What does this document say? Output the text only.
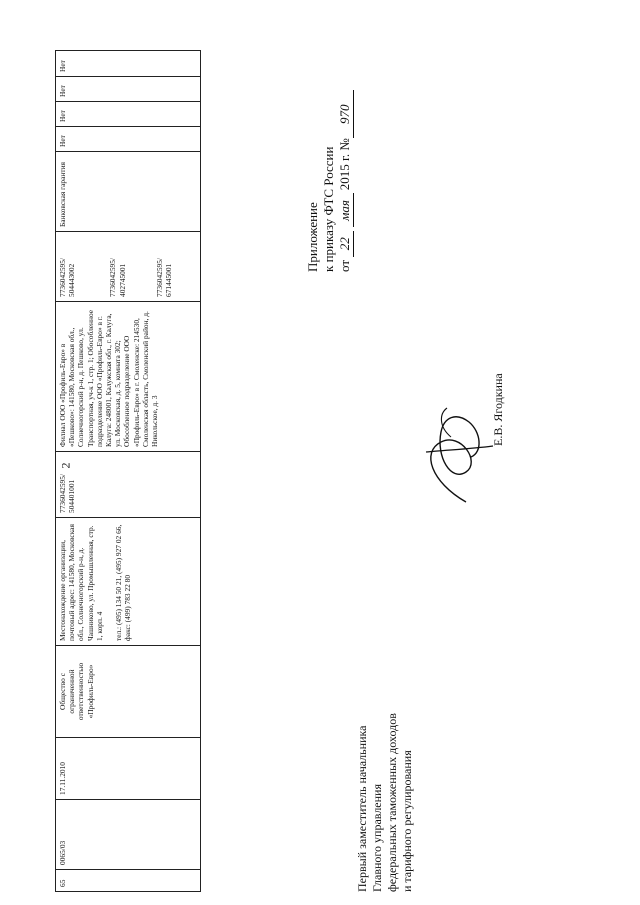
2
65
0065/03
17.11.2010
Общество с ограниченной ответственностью «Профиль-Евро»
Местонахождение организации, почтовый адрес: 141580, Московская обл., Солнечногорский р-н, д. Чашниково, ул. Промышленная, стр. 1, корп. 4 тел.: (495) 134 50 21, (495) 927 02 66, факс: (499) 783 22 80
7736042595/ 504401001
Филиал ООО «Профиль-Евро» в «Пешково»: 141580, Московская обл., Солнечногорский р-н, д. Пешково, ул. Транспортная, уч-к 1, стр. 1; Обособленное подразделение ООО «Профиль-Евро» в г. Калуга: 248001, Калужская обл., г. Калуга, ул. Московская, д. 5, комната 302; Обособленное подразделение ООО «Профиль-Евро» в г. Смоленске: 214530, Смоленская область, Смоленский район, д. Никольское, д. 3
7736042595/ 504443002	7736042595/ 402745001	7736042595/ 671445001
Банковская гарантия
Нет
Нет
Нет
Нет
Приложение к приказу ФТС России от 22 мая 2015 г. №970
Первый заместитель начальника Главного управления федеральных таможенных доходов и тарифного регулирования
Е.В. Ягодкина
